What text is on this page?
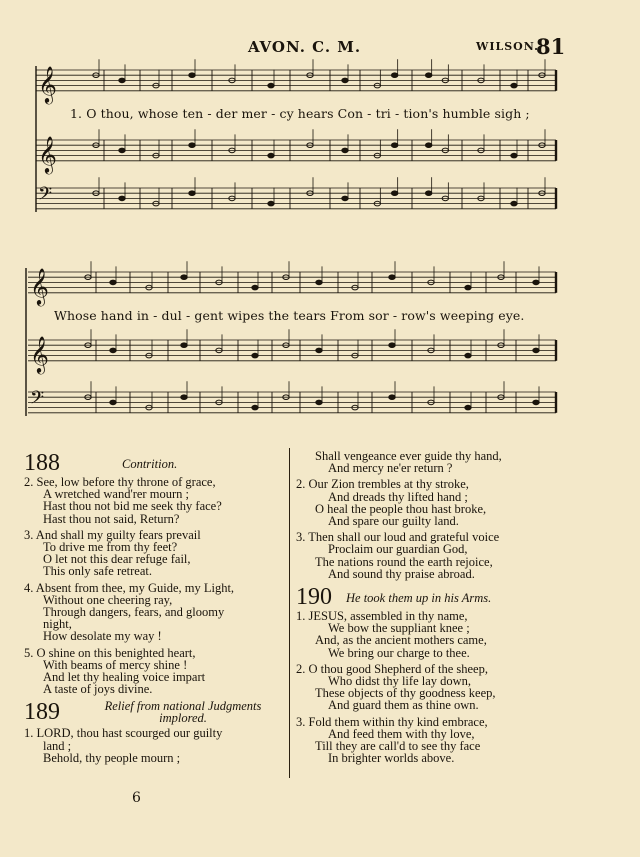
AVON. C. M.	WILSON.
81
𝄞
𝄞
𝄢
𝄞
𝄞
𝄢
1. O thou, whose ten - der mer - cy hears Con - tri - tion's humble sigh ;
Whose hand in - dul - gent wipes the tears From sor - row's weeping eye.
188	Contrition.
2. See, low before thy throne of grace,
A wretched wand'rer mourn ;
Hast thou not bid me seek thy face?
Hast thou not said, Return?
3. And shall my guilty fears prevail
To drive me from thy feet?
O let not this dear refuge fail,
This only safe retreat.
4. Absent from thee, my Guide, my Light,
Without one cheering ray,
Through dangers, fears, and gloomy
night,
How desolate my way !
5. O shine on this benighted heart,
With beams of mercy shine !
And let thy healing voice impart
A taste of joys divine.
189	Relief from national Judgments
implored.
1. LORD, thou hast scourged our guilty
land ;
Behold, thy people mourn ;
Shall vengeance ever guide thy hand,
And mercy ne'er return ?
2. Our Zion trembles at thy stroke,
And dreads thy lifted hand ;
O heal the people thou hast broke,
And spare our guilty land.
3. Then shall our loud and grateful voice
Proclaim our guardian God,
The nations round the earth rejoice,
And sound thy praise abroad.
190 He took them up in his Arms.
1. JESUS, assembled in thy name,
We bow the suppliant knee ;
And, as the ancient mothers came,
We bring our charge to thee.
2. O thou good Shepherd of the sheep,
Who didst thy life lay down,
These objects of thy goodness keep,
And guard them as thine own.
3. Fold them within thy kind embrace,
And feed them with thy love,
Till they are call'd to see thy face
In brighter worlds above.
6
